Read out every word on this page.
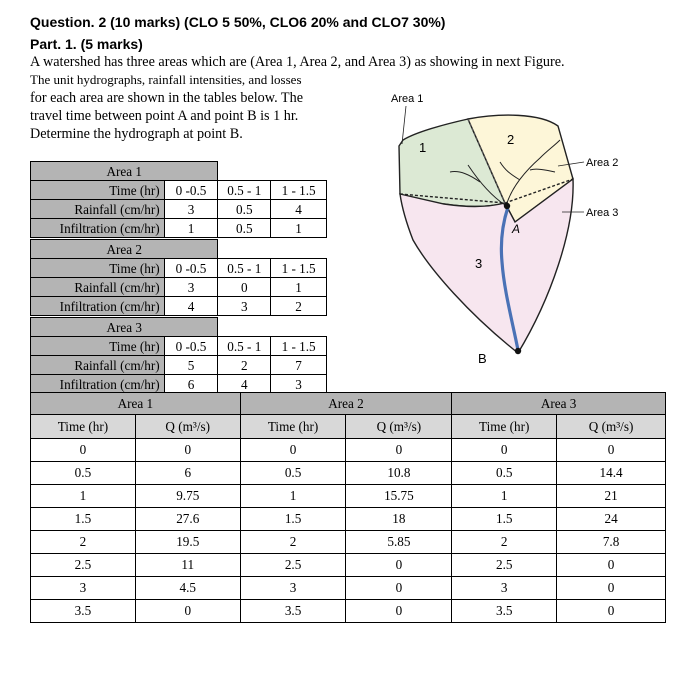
Question. 2 (10 marks) (CLO 5 50%, CLO6 20% and CLO7 30%)
Part. 1. (5 marks)
A watershed has three areas which are (Area 1, Area 2, and Area 3) as showing in next Figure.
The unit hydrographs, rainfall intensities, and losses
for each area are shown in the tables below. The
travel time between point A and point B is 1 hr.
Determine the hydrograph at point B.
Area 1
Area 2
Area 3
1
2
3
A
B
Area 1			
Time (hr)	0 -0.5	0.5 - 1	1 - 1.5
Rainfall (cm/hr)	3	0.5	4
Infiltration (cm/hr)	1	0.5	1
Area 2			
Time (hr)	0 -0.5	0.5 - 1	1 - 1.5
Rainfall (cm/hr)	3	0	1
Infiltration (cm/hr)	4	3	2
Area 3			
Time (hr)	0 -0.5	0.5 - 1	1 - 1.5
Rainfall (cm/hr)	5	2	7
Infiltration (cm/hr)	6	4	3
Area 1		Area 2		Area 3	
Time (hr)	Q (m³/s)	Time (hr)	Q (m³/s)	Time (hr)	Q (m³/s)
0	0	0	0	0	0
0.5	6	0.5	10.8	0.5	14.4
1	9.75	1	15.75	1	21
1.5	27.6	1.5	18	1.5	24
2	19.5	2	5.85	2	7.8
2.5	11	2.5	0	2.5	0
3	4.5	3	0	3	0
3.5	0	3.5	0	3.5	0
